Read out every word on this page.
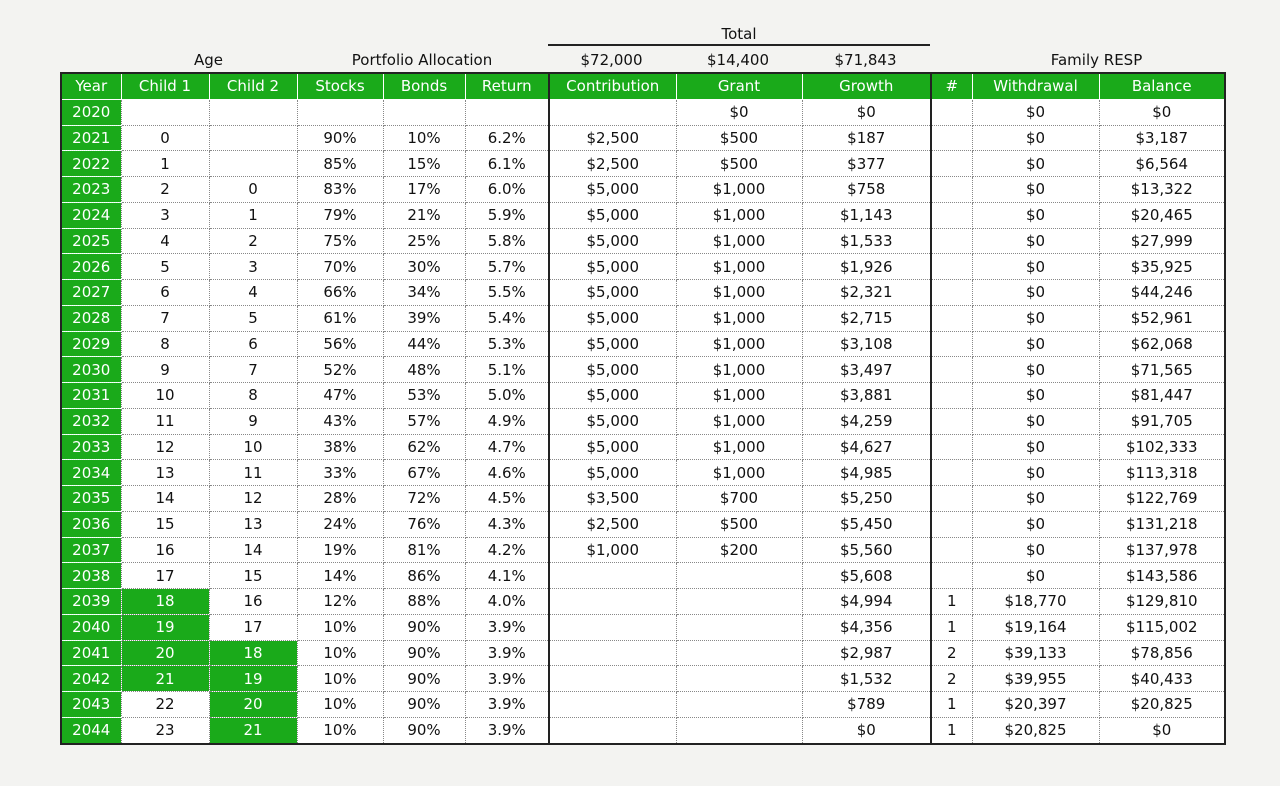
Age	Portfolio Allocation
Total
$72,000	$14,400	$71,843	Family RESP
Year	Child 1	Child 2	Stocks	Bonds	Return	Contribution	Grant	Growth	#	Withdrawal	Balance
2020							$0	$0		$0	$0
2021	0		90%	10%	6.2%	$2,500	$500	$187		$0	$3,187
2022	1		85%	15%	6.1%	$2,500	$500	$377		$0	$6,564
2023	2	0	83%	17%	6.0%	$5,000	$1,000	$758		$0	$13,322
2024	3	1	79%	21%	5.9%	$5,000	$1,000	$1,143		$0	$20,465
2025	4	2	75%	25%	5.8%	$5,000	$1,000	$1,533		$0	$27,999
2026	5	3	70%	30%	5.7%	$5,000	$1,000	$1,926		$0	$35,925
2027	6	4	66%	34%	5.5%	$5,000	$1,000	$2,321		$0	$44,246
2028	7	5	61%	39%	5.4%	$5,000	$1,000	$2,715		$0	$52,961
2029	8	6	56%	44%	5.3%	$5,000	$1,000	$3,108		$0	$62,068
2030	9	7	52%	48%	5.1%	$5,000	$1,000	$3,497		$0	$71,565
2031	10	8	47%	53%	5.0%	$5,000	$1,000	$3,881		$0	$81,447
2032	11	9	43%	57%	4.9%	$5,000	$1,000	$4,259		$0	$91,705
2033	12	10	38%	62%	4.7%	$5,000	$1,000	$4,627		$0	$102,333
2034	13	11	33%	67%	4.6%	$5,000	$1,000	$4,985		$0	$113,318
2035	14	12	28%	72%	4.5%	$3,500	$700	$5,250		$0	$122,769
2036	15	13	24%	76%	4.3%	$2,500	$500	$5,450		$0	$131,218
2037	16	14	19%	81%	4.2%	$1,000	$200	$5,560		$0	$137,978
2038	17	15	14%	86%	4.1%			$5,608		$0	$143,586
2039	18	16	12%	88%	4.0%			$4,994	1	$18,770	$129,810
2040	19	17	10%	90%	3.9%			$4,356	1	$19,164	$115,002
2041	20	18	10%	90%	3.9%			$2,987	2	$39,133	$78,856
2042	21	19	10%	90%	3.9%			$1,532	2	$39,955	$40,433
2043	22	20	10%	90%	3.9%			$789	1	$20,397	$20,825
2044	23	21	10%	90%	3.9%			$0	1	$20,825	$0
